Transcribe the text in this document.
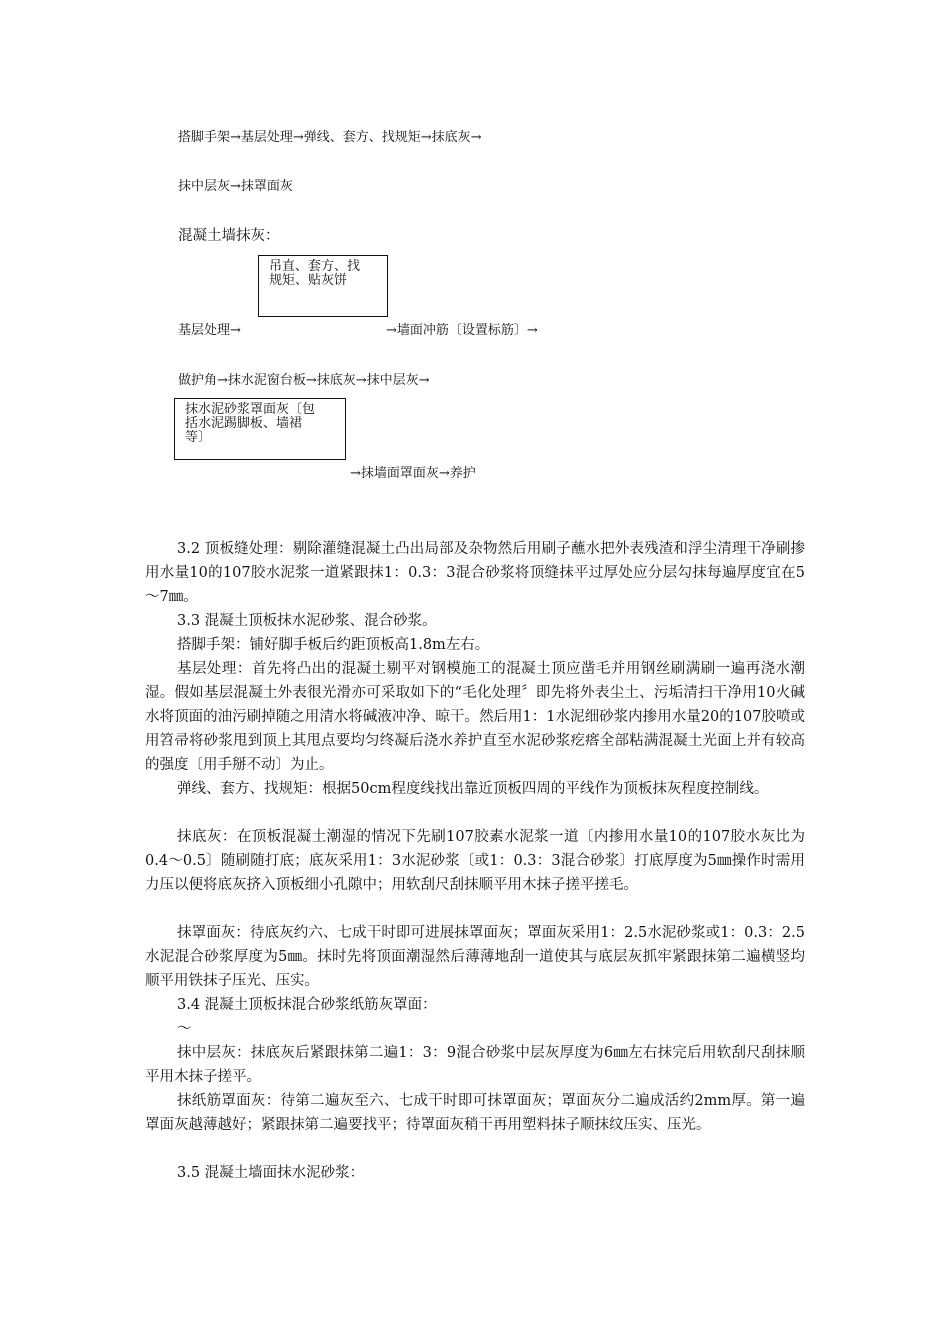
搭脚手架→基层处理→弹线、套方、找规矩→抹底灰→
抹中层灰→抹罩面灰
混凝土墙抹灰：
吊直、套方、找
规矩、贴灰饼
基层处理→	→墙面冲筋〔设置标筋〕→
做护角→抹水泥窗台板→抹底灰→抹中层灰→
抹水泥砂浆罩面灰〔包
括水泥踢脚板、墙裙
等〕
→抹墙面罩面灰→养护
3.2 顶板缝处理：剔除灌缝混凝土凸出局部及杂物然后用刷子蘸水把外表残渣和浮尘清理干净刷掺用水量10的107胶水泥浆一道紧跟抹1：0.3：3混合砂浆将顶缝抹平过厚处应分层勾抹每遍厚度宜在5～7㎜。
3.3 混凝土顶板抹水泥砂浆、混合砂浆。
搭脚手架：铺好脚手板后约距顶板高1.8m左右。
基层处理：首先将凸出的混凝土剔平对钢模施工的混凝土顶应凿毛并用钢丝刷满刷一遍再浇水潮湿。假如基层混凝土外表很光滑亦可采取如下的“毛化处理〞即先将外表尘土、污垢清扫干净用10火碱水将顶面的油污刷掉随之用清水将碱液冲净、晾干。然后用1：1水泥细砂浆内掺用水量20的107胶喷或用笤帚将砂浆甩到顶上其甩点要均匀终凝后浇水养护直至水泥砂浆疙瘩全部粘满混凝土光面上并有较高的强度〔用手掰不动〕为止。
弹线、套方、找规矩：根据50cm程度线找出靠近顶板四周的平线作为顶板抹灰程度控制线。
抹底灰：在顶板混凝土潮湿的情况下先刷107胶素水泥浆一道〔内掺用水量10的107胶水灰比为0.4～0.5〕随刷随打底；底灰采用1：3水泥砂浆〔或1：0.3：3混合砂浆〕打底厚度为5㎜操作时需用力压以便将底灰挤入顶板细小孔隙中；用软刮尺刮抹顺平用木抹子搓平搓毛。
抹罩面灰：待底灰约六、七成干时即可进展抹罩面灰；罩面灰采用1：2.5水泥砂浆或1：0.3：2.5水泥混合砂浆厚度为5㎜。抹时先将顶面潮湿然后薄薄地刮一道使其与底层灰抓牢紧跟抹第二遍横竖均顺平用铁抹子压光、压实。
3.4 混凝土顶板抹混合砂浆纸筋灰罩面：
～
抹中层灰：抹底灰后紧跟抹第二遍1：3：9混合砂浆中层灰厚度为6㎜左右抹完后用软刮尺刮抹顺平用木抹子搓平。
抹纸筋罩面灰：待第二遍灰至六、七成干时即可抹罩面灰；罩面灰分二遍成活约2mm厚。第一遍罩面灰越薄越好；紧跟抹第二遍要找平；待罩面灰稍干再用塑料抹子顺抹纹压实、压光。
3.5 混凝土墙面抹水泥砂浆：
